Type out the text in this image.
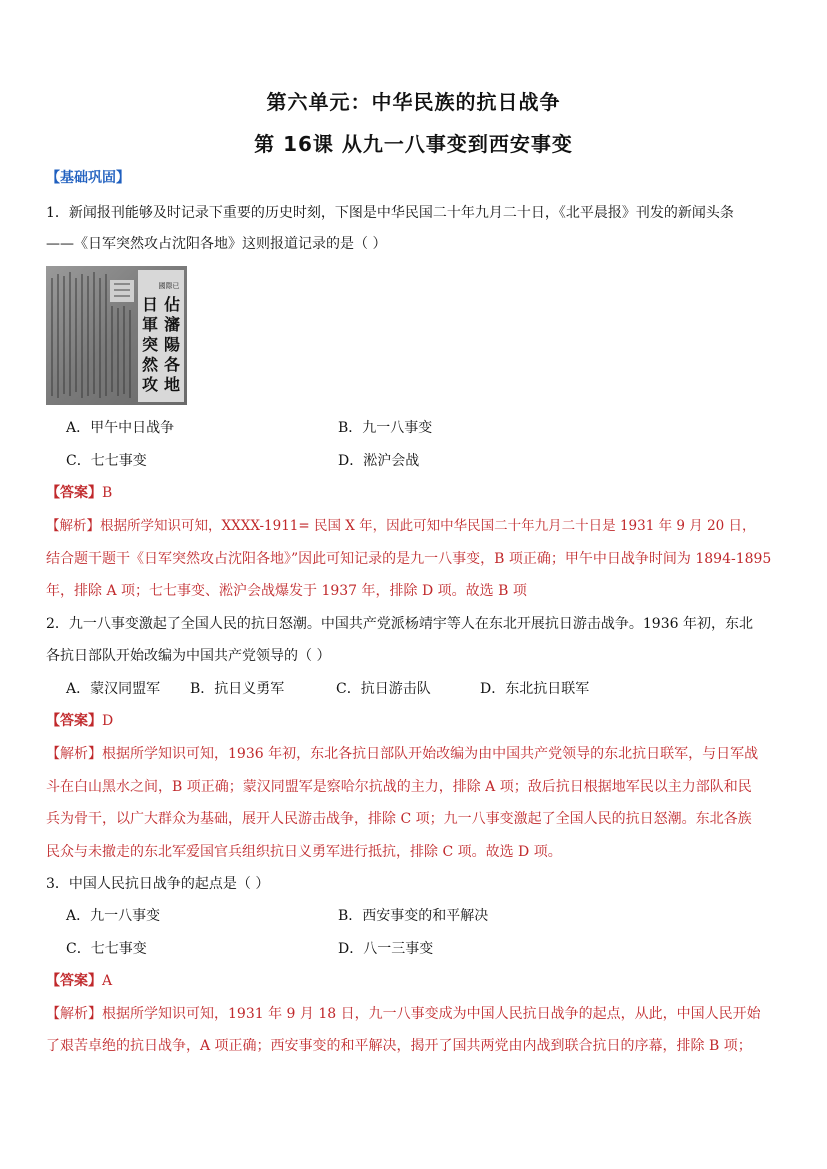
第六单元：中华民族的抗日战争
第 16课 从九一八事变到西安事变
【基础巩固】
1．新闻报刊能够及时记录下重要的历史时刻，下图是中华民国二十年九月二十日，《北平晨报》刊发的新闻头条
——《日军突然攻占沈阳各地》这则报道记录的是（ ）
國際已
日
軍
突
然
攻
佔
瀋
陽
各
地
A．甲午中日战争	B．九一八事变
C．七七事变	D．淞沪会战
【答案】B
【解析】根据所学知识可知，XXXX-1911= 民国 X 年，因此可知中华民国二十年九月二十日是 1931 年 9 月 20 日，
结合题干题干《日军突然攻占沈阳各地》”因此可知记录的是九一八事变，B 项正确；甲午中日战争时间为 1894-1895
年，排除 A 项；七七事变、淞沪会战爆发于 1937 年，排除 D 项。故选 B 项
2．九一八事变激起了全国人民的抗日怒潮。中国共产党派杨靖宇等人在东北开展抗日游击战争。1936 年初，东北
各抗日部队开始改编为中国共产党领导的（ ）
A．蒙汉同盟军 B．抗日义勇军	C．抗日游击队	D．东北抗日联军
【答案】D
【解析】根据所学知识可知，1936 年初，东北各抗日部队开始改编为由中国共产党领导的东北抗日联军，与日军战
斗在白山黑水之间，B 项正确；蒙汉同盟军是察哈尔抗战的主力，排除 A 项；敌后抗日根据地军民以主力部队和民
兵为骨干，以广大群众为基础，展开人民游击战争，排除 C 项；九一八事变激起了全国人民的抗日怒潮。东北各族
民众与未撤走的东北军爱国官兵组织抗日义勇军进行抵抗，排除 C 项。故选 D 项。
3．中国人民抗日战争的起点是（ ）
A．九一八事变	B．西安事变的和平解决
C．七七事变	D．八一三事变
【答案】A
【解析】根据所学知识可知，1931 年 9 月 18 日，九一八事变成为中国人民抗日战争的起点，从此，中国人民开始
了艰苦卓绝的抗日战争，A 项正确；西安事变的和平解决，揭开了国共两党由内战到联合抗日的序幕，排除 B 项；
